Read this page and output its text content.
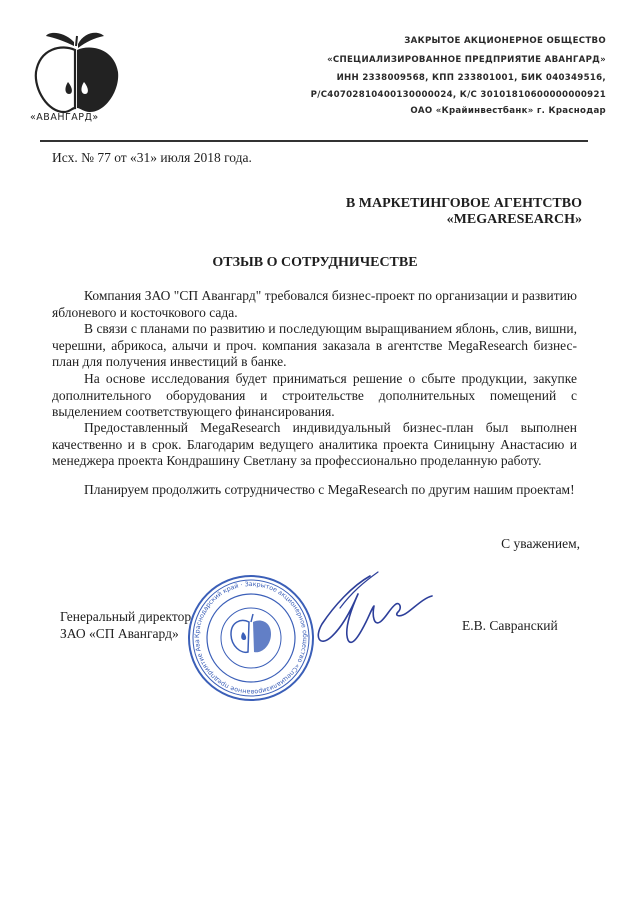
«АВАНГАРД»
ЗАКРЫТОЕ АКЦИОНЕРНОЕ ОБЩЕСТВО
«СПЕЦИАЛИЗИРОВАННОЕ ПРЕДПРИЯТИЕ АВАНГАРД»
ИНН 2338009568, КПП 233801001, БИК 040349516,
Р/С40702810400130000024, К/С 30101810600000000921
ОАО «Крайинвестбанк» г. Краснодар
Исх. № 77 от «31» июля 2018 года.
В МАРКЕТИНГОВОЕ АГЕНТСТВО
«MEGARESEARCH»
ОТЗЫВ О СОТРУДНИЧЕСТВЕ
Компания ЗАО "СП Авангард" требовался бизнес-проект по организации и развитию яблоневого и косточкового сада.
В связи с планами по развитию и последующим выращиванием яблонь, слив, вишни, черешни, абрикоса, алычи и проч. компания заказала в агентстве MegaResearch бизнес-план для получения инвестиций в банке.
На основе исследования будет приниматься решение о сбыте продукции, закупке дополнительного оборудования и строительстве дополнительных помещений с выделением соответствующего финансирования.
Предоставленный MegaResearch индивидуальный бизнес-план был выполнен качественно и в срок. Благодарим ведущего аналитика проекта Синицыну Анастасию и менеджера проекта Кондрашину Светлану за профессионально проделанную работу.
Планируем продолжить сотрудничество с MegaResearch по другим нашим проектам!
С уважением,
Генеральный директор
ЗАО «СП Авангард»
Е.В. Савранский
Краснодарский край · Закрытое акционерное общество «Специализированное предприятие Ава
